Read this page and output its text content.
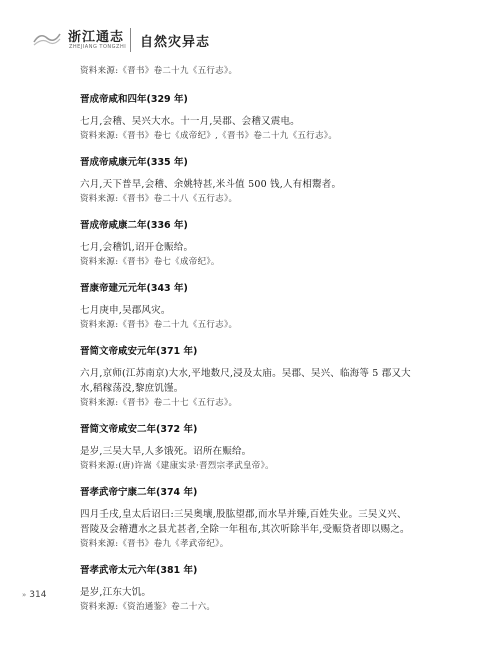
浙江通志
ZHEJIANG TONGZHI 自然灾异志

资料来源:《晋书》卷二十九《五行志》。

晋成帝咸和四年(329 年)

七月,会稽、吴兴大水。十一月,吴郡、会稽又震电。

资料来源:《晋书》卷七《成帝纪》,《晋书》卷二十九《五行志》。

晋成帝咸康元年(335 年)

六月,天下普旱,会稽、余姚特甚,米斗值 500 钱,人有相鬻者。

资料来源:《晋书》卷二十八《五行志》。

晋成帝咸康二年(336 年)

七月,会稽饥,诏开仓赈给。

资料来源:《晋书》卷七《成帝纪》。

晋康帝建元元年(343 年)

七月庚申,吴郡风灾。

资料来源:《晋书》卷二十九《五行志》。

晋简文帝咸安元年(371 年)

六月,京师(江苏南京)大水,平地数尺,浸及太庙。吴郡、吴兴、临海等 5 郡又大水,稻稼荡没,黎庶饥馑。

资料来源:《晋书》卷二十七《五行志》。

晋简文帝咸安二年(372 年)

是岁,三吴大旱,人多饿死。诏所在赈给。

资料来源:(唐)许嵩《建康实录·晋烈宗孝武皇帝》。

晋孝武帝宁康二年(374 年)

四月壬戌,皇太后诏曰:三吴奥壤,股肱望郡,而水旱并臻,百姓失业。三吴义兴、晋陵及会稽遭水之县尤甚者,全除一年租布,其次听除半年,受赈贷者即以赐之。

资料来源:《晋书》卷九《孝武帝纪》。

晋孝武帝太元六年(381 年)

是岁,江东大饥。

资料来源:《资治通鉴》卷二十六。

» 314
